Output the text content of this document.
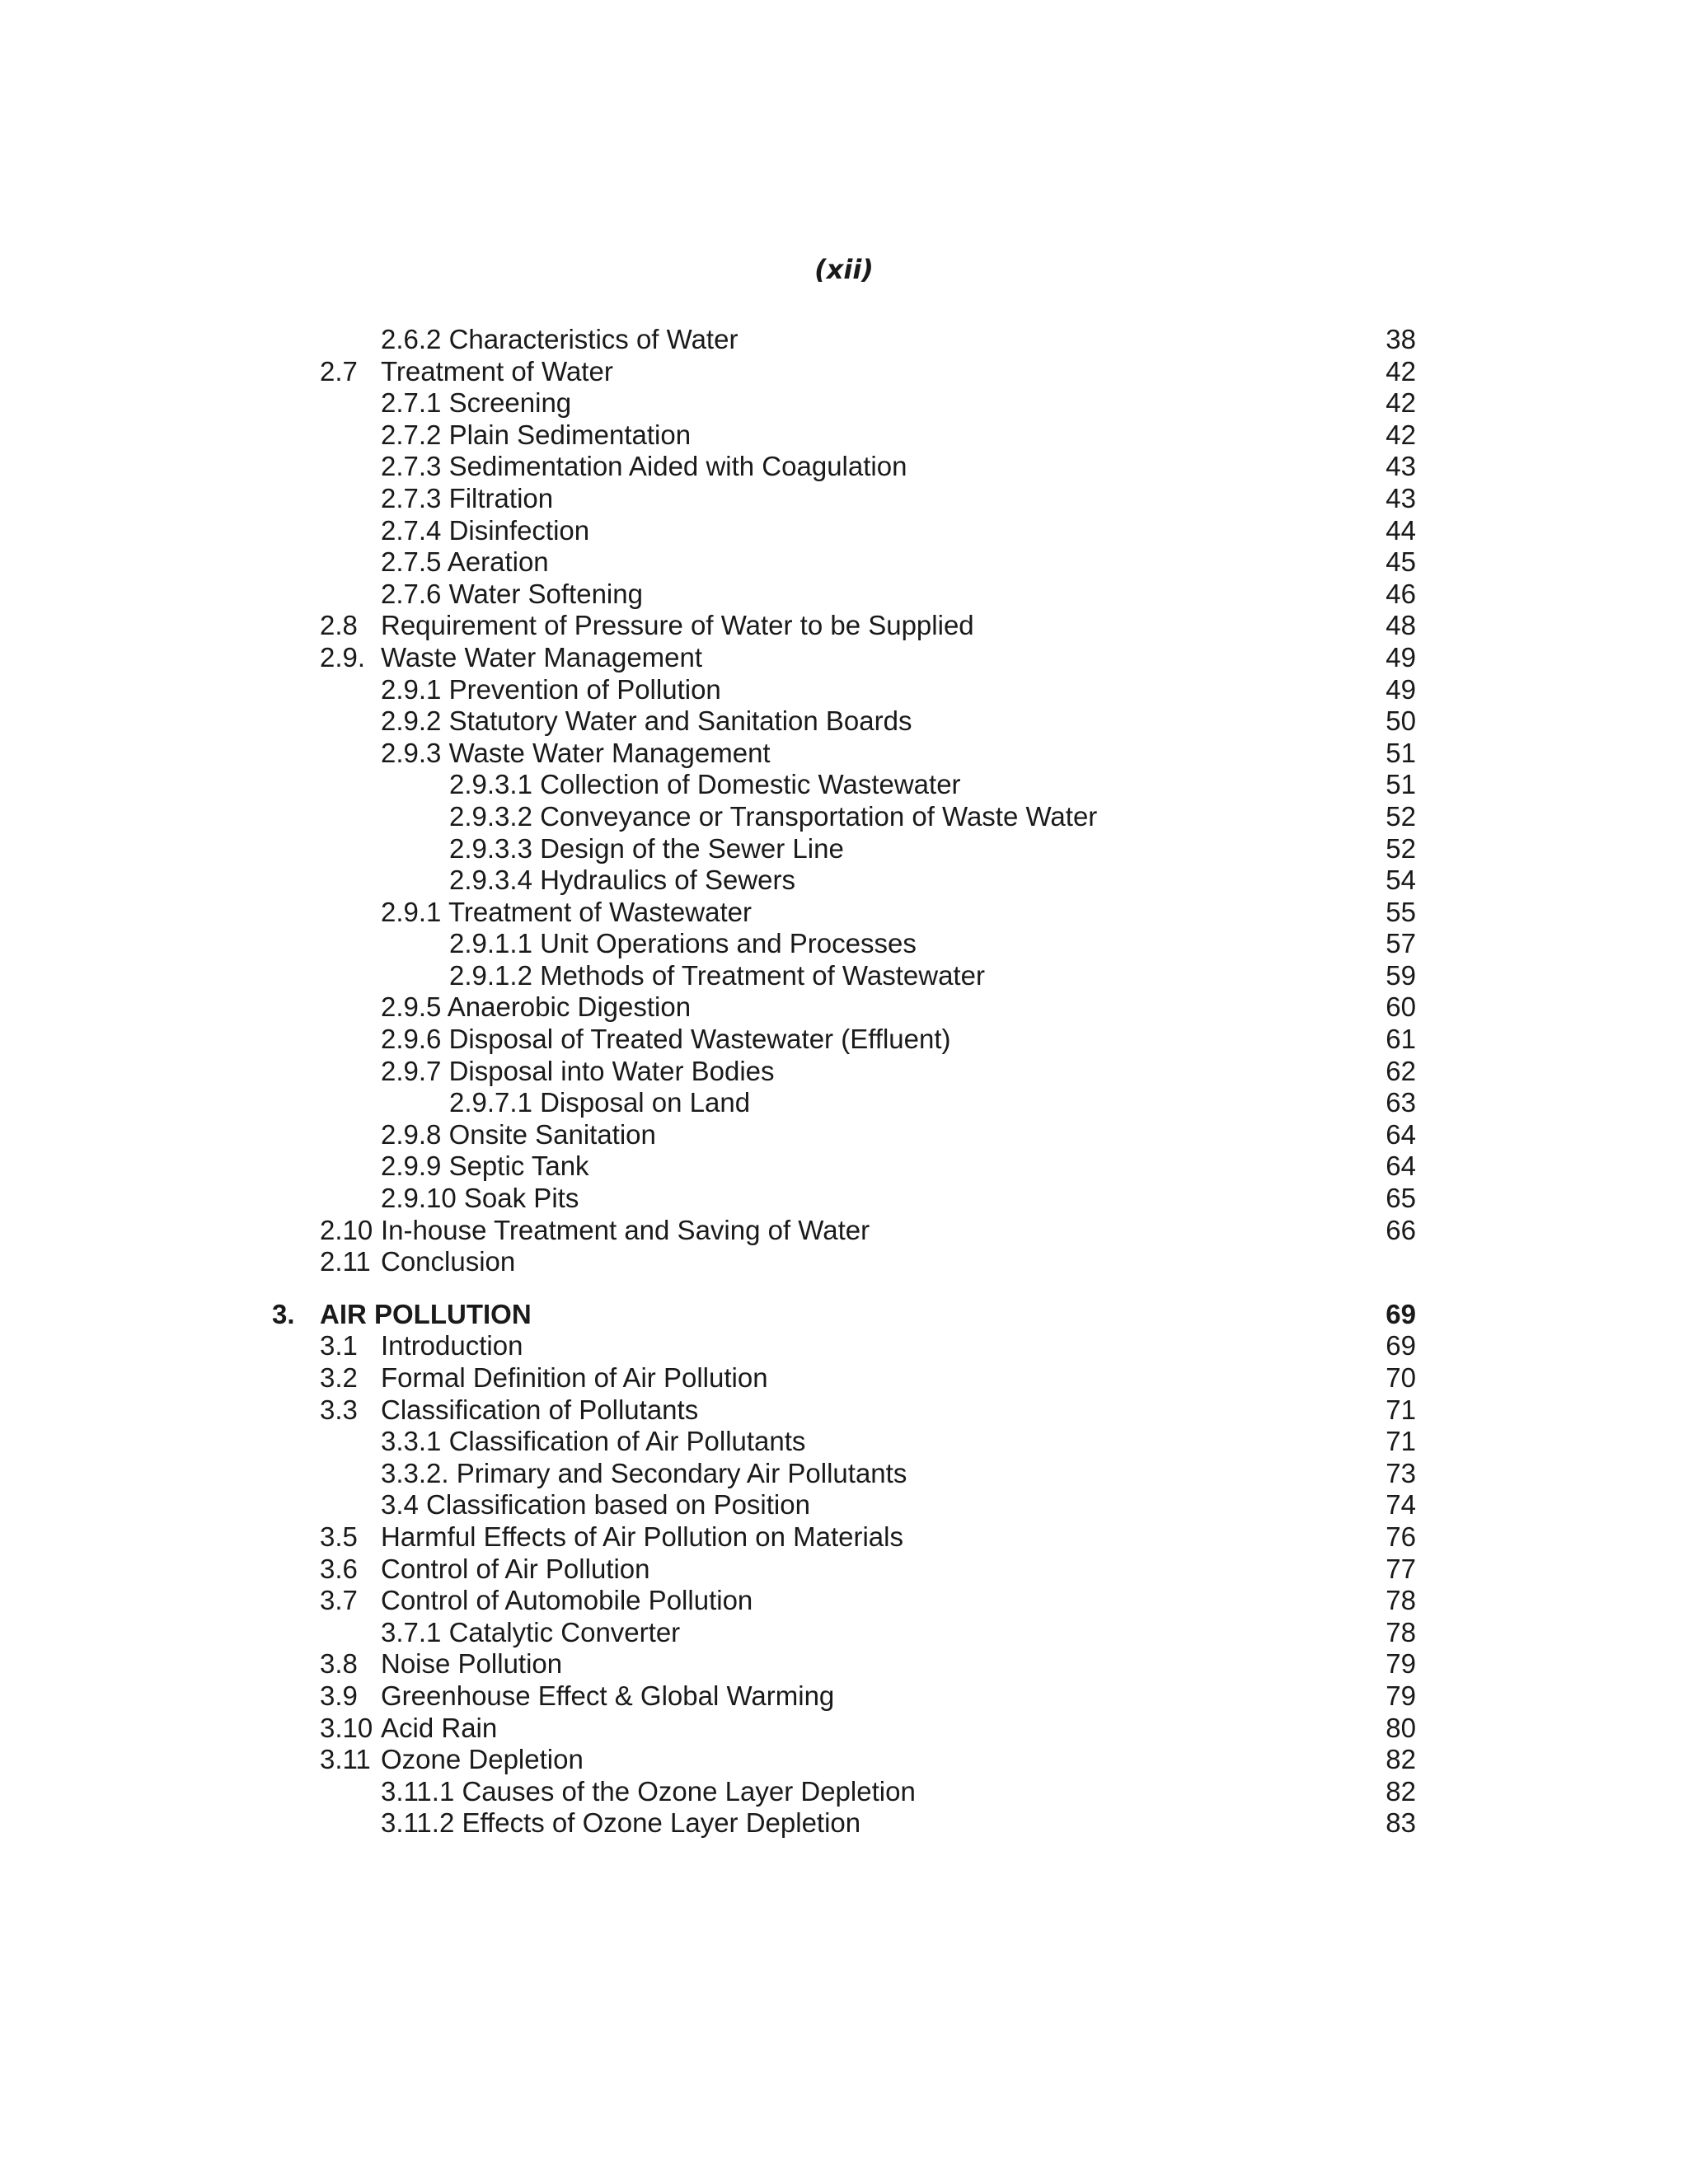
(xii)
2.6.2 Characteristics of Water	38
2.7 Treatment of Water	42
2.7.1 Screening	42
2.7.2 Plain Sedimentation	42
2.7.3 Sedimentation Aided with Coagulation	43
2.7.3 Filtration	43
2.7.4 Disinfection	44
2.7.5 Aeration	45
2.7.6 Water Softening	46
2.8 Requirement of Pressure of Water to be Supplied	48
2.9. Waste Water Management	49
2.9.1 Prevention of Pollution	49
2.9.2 Statutory Water and Sanitation Boards	50
2.9.3 Waste Water Management	51
2.9.3.1 Collection of Domestic Wastewater	51
2.9.3.2 Conveyance or Transportation of Waste Water	52
2.9.3.3 Design of the Sewer Line	52
2.9.3.4 Hydraulics of Sewers	54
2.9.1 Treatment of Wastewater	55
2.9.1.1 Unit Operations and Processes	57
2.9.1.2 Methods of Treatment of Wastewater	59
2.9.5 Anaerobic Digestion	60
2.9.6 Disposal of Treated Wastewater (Effluent)	61
2.9.7 Disposal into Water Bodies	62
2.9.7.1 Disposal on Land	63
2.9.8 Onsite Sanitation	64
2.9.9 Septic Tank	64
2.9.10 Soak Pits	65
2.10 In-house Treatment and Saving of Water	66
2.11 Conclusion
3. AIR POLLUTION	69
3.1 Introduction	69
3.2 Formal Definition of Air Pollution	70
3.3 Classification of Pollutants	71
3.3.1 Classification of Air Pollutants	71
3.3.2. Primary and Secondary Air Pollutants	73
3.4 Classification based on Position	74
3.5 Harmful Effects of Air Pollution on Materials	76
3.6 Control of Air Pollution	77
3.7 Control of Automobile Pollution	78
3.7.1 Catalytic Converter	78
3.8 Noise Pollution	79
3.9 Greenhouse Effect & Global Warming	79
3.10 Acid Rain	80
3.11 Ozone Depletion	82
3.11.1 Causes of the Ozone Layer Depletion	82
3.11.2 Effects of Ozone Layer Depletion	83
